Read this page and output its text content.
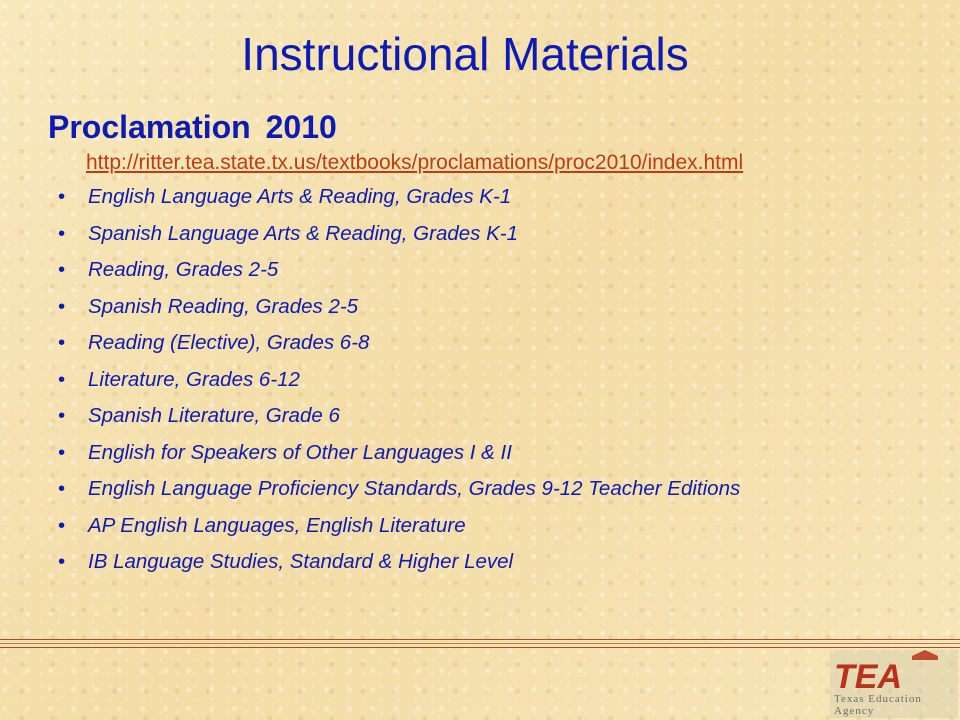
Instructional Materials
Proclamation 2010
http://ritter.tea.state.tx.us/textbooks/proclamations/proc2010/index.html
• English Language Arts & Reading, Grades K-1
• Spanish Language Arts & Reading, Grades K-1
• Reading, Grades 2-5
• Spanish Reading, Grades 2-5
• Reading (Elective), Grades 6-8
• Literature, Grades 6-12
• Spanish Literature, Grade 6
• English for Speakers of Other Languages I & II
• English Language Proficiency Standards, Grades 9-12 Teacher Editions
• AP English Languages, English Literature
• IB Language Studies, Standard & Higher Level
TEA
Texas Education
Agency
